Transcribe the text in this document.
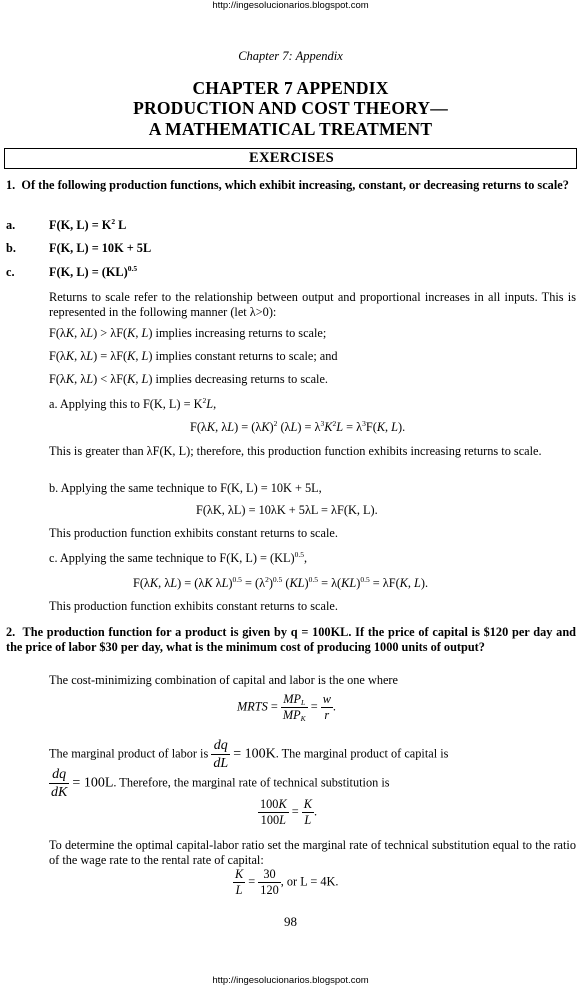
http://ingesolucionarios.blogspot.com
Chapter 7: Appendix
CHAPTER 7 APPENDIX
PRODUCTION AND COST THEORY—
A MATHEMATICAL TREATMENT
EXERCISES
1. Of the following production functions, which exhibit increasing, constant, or decreasing returns to scale?
a.	F(K, $L) = K^2$ L
b.	F(K, L) = 10K + 5L
c.	F(K, L) = (KL)$^{0.5}$
Returns to scale refer to the relationship between output and proportional increases in all inputs. This is represented in the following manner (let λ>0):
F(λK, λL) > λF(K, L) implies increasing returns to scale;
F(λK, λL) = λF(K, L) implies constant returns to scale; and
F(λK, λL) < λF(K, L) implies decreasing returns to scale.
a. Applying this to F(K, $L) = K^2L$,
F(λK, $\lambda L) = (\lambda K)^2$ $(\lambda L) = \lambda^3K^2L = \lambda^3F(K$, L).
This is greater than λF(K, L); therefore, this production function exhibits increasing returns to scale.
b. Applying the same technique to F(K, L) = 10K + 5L,
F(λK, λL) = 10λK + 5λL = λF(K, L).
This production function exhibits constant returns to scale.
c. Applying the same technique to F(K, L) = (KL)$^{0.5}$,
F(λK, λL) = (λK $\lambda L)^{0.5} = (\lambda^2)^{0.5}$ (KL)$^{0.5}$ = λ(KL)$^{0.5}$ = λF(K, L).
This production function exhibits constant returns to scale.
2. The production function for a product is given by q = 100KL. If the price of capital is $120 per day and the price of labor $30 per day, what is the minimum cost of producing 1000 units of output?
The cost-minimizing combination of capital and labor is the one where
MRTS = $\frac{MP_L}{MP_K} = \frac{w}{r}$ .
The marginal product of labor is $\frac{dq}{dL} = 100K$. The marginal product of capital is
$\frac{dq}{dK} = 100L$. Therefore, the marginal rate of technical substitution is
$\frac{100K}{100L} = \frac{K}{L}$ .
To determine the optimal capital-labor ratio set the marginal rate of technical substitution equal to the ratio of the wage rate to the rental rate of capital:
$\frac{K}{L} = \frac{30}{120}$ , or L = 4K.
98
http://ingesolucionarios.blogspot.com
